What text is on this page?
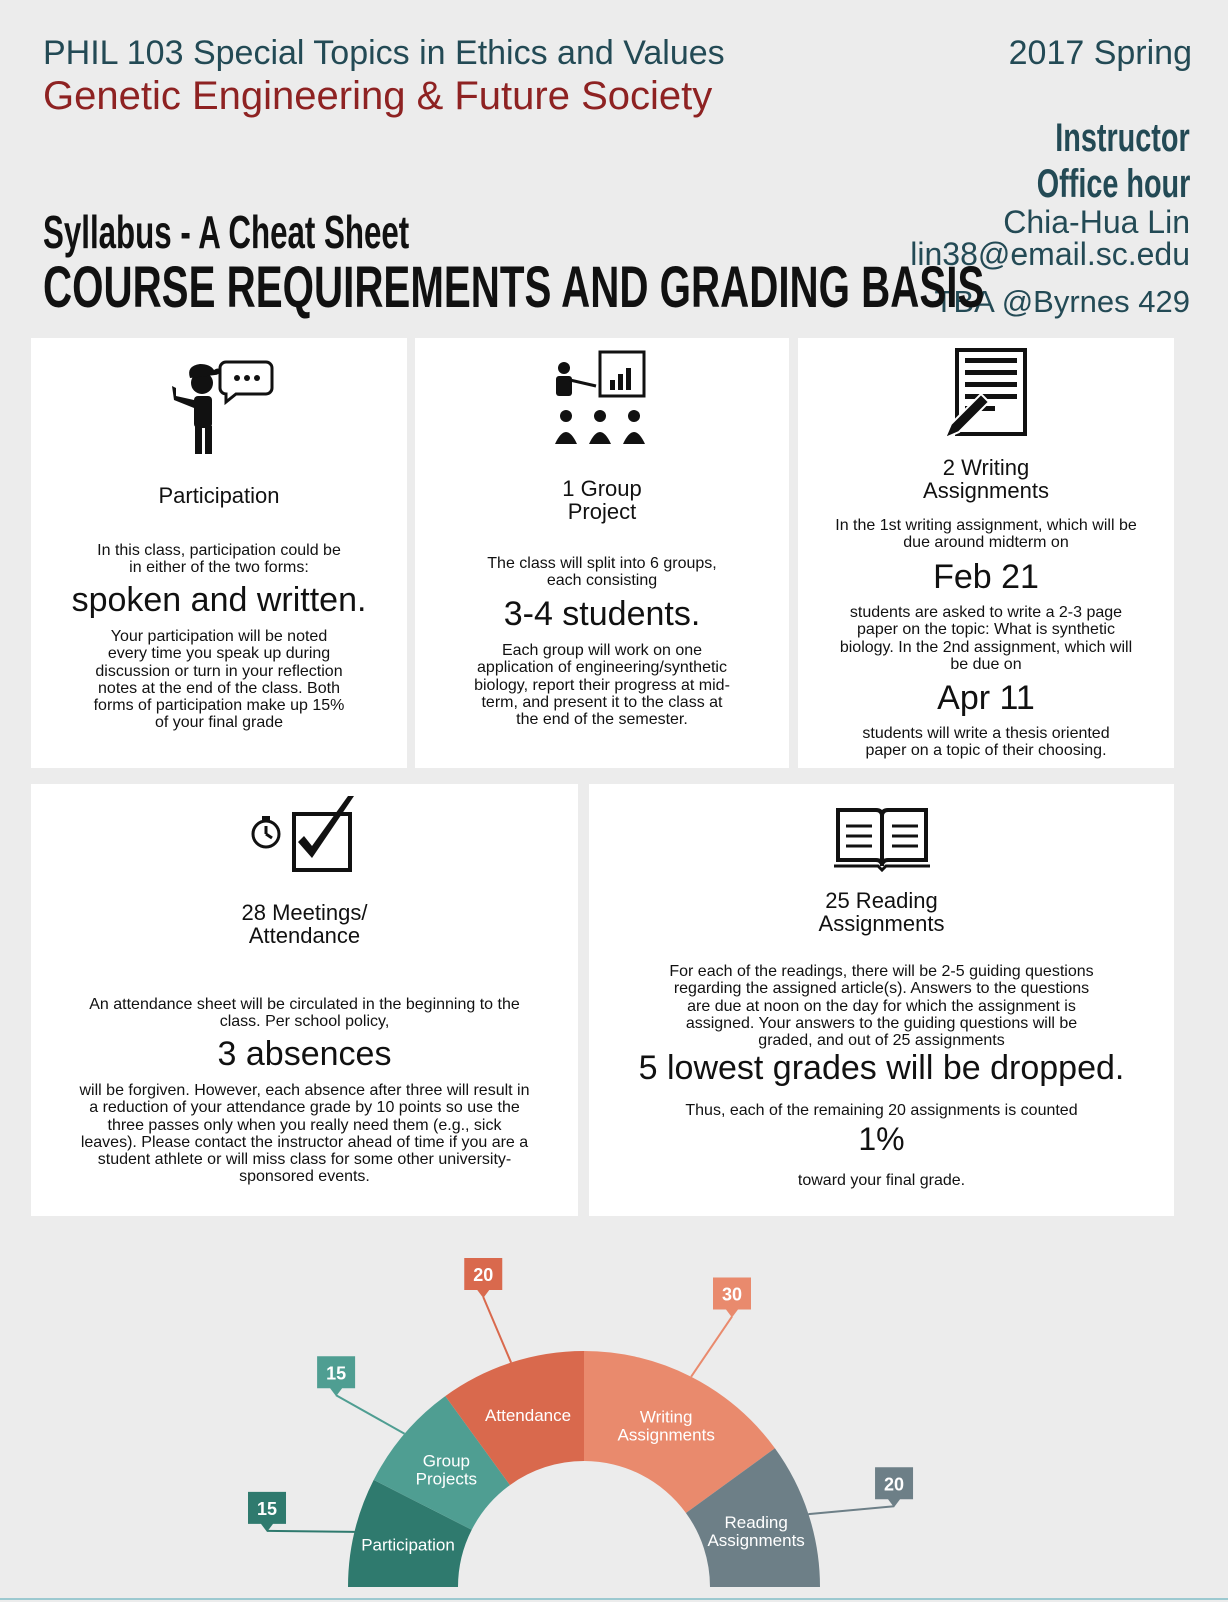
PHIL 103 Special Topics in Ethics and Values
Genetic Engineering & Future Society
2017 Spring
Instructor
Office hour
Chia-Hua Lin
lin38@email.sc.edu
TBA @Byrnes 429
Syllabus - A Cheat Sheet
COURSE REQUIREMENTS AND GRADING BASIS
Participation
In this class, participation could be in either of the two forms:
spoken and written.
Your participation will be noted every time you speak up during discussion or turn in your reflection notes at the end of the class. Both forms of participation make up 15% of your final grade
1 Group
Project
The class will split into 6 groups, each consisting
3-4 students.
Each group will work on one application of engineering/synthetic biology, report their progress at mid-term, and present it to the class at the end of the semester.
2 Writing
Assignments
In the 1st writing assignment, which will be due around midterm on
Feb 21
students are asked to write a 2-3 page paper on the topic: What is synthetic biology. In the 2nd assignment, which will be due on
Apr 11
students will write a thesis oriented paper on a topic of their choosing.
28 Meetings/
Attendance
An attendance sheet will be circulated in the beginning to the class. Per school policy,
3 absences
will be forgiven. However, each absence after three will result in a reduction of your attendance grade by 10 points so use the three passes only when you really need them (e.g., sick leaves). Please contact the instructor ahead of time if you are a student athlete or will miss class for some other university-sponsored events.
25 Reading
Assignments
For each of the readings, there will be 2-5 guiding questions regarding the assigned article(s). Answers to the questions are due at noon on the day for which the assignment is assigned. Your answers to the guiding questions will be graded, and out of 25 assignments
5 lowest grades will be dropped.
Thus, each of the remaining 20 assignments is counted
1%
toward your final grade.
Participation
Group Projects
Attendance	Writing Assignments
Reading Assignments
15
15
20
30
20
